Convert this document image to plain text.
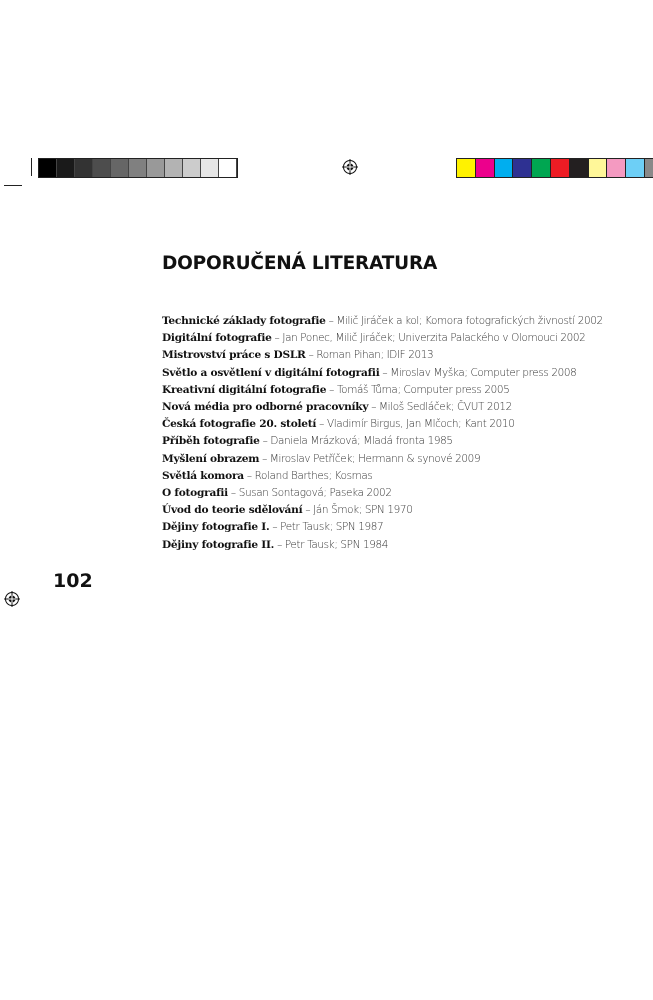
DOPORUČENÁ LITERATURA
Technické základy fotografie – Milič Jiráček a kol; Komora fotografických živností 2002
Digitální fotografie – Jan Ponec, Milič Jiráček; Univerzita Palackého v Olomouci 2002
Mistrovství práce s DSLR – Roman Pihan; IDIF 2013
Světlo a osvětlení v digitální fotografii – Miroslav Myška; Computer press 2008
Kreativní digitální fotografie – Tomáš Tůma; Computer press 2005
Nová média pro odborné pracovníky – Miloš Sedláček; ČVUT 2012
Česká fotografie 20. století – Vladimír Birgus, Jan Mlčoch; Kant 2010
Příběh fotografie – Daniela Mrázková; Mladá fronta 1985
Myšlení obrazem – Miroslav Petříček; Hermann & synové 2009
Světlá komora – Roland Barthes; Kosmas
O fotografii – Susan Sontagová; Paseka 2002
Úvod do teorie sdělování – Ján Šmok; SPN 1970
Dějiny fotografie I. – Petr Tausk; SPN 1987
Dějiny fotografie II. – Petr Tausk; SPN 1984
102
